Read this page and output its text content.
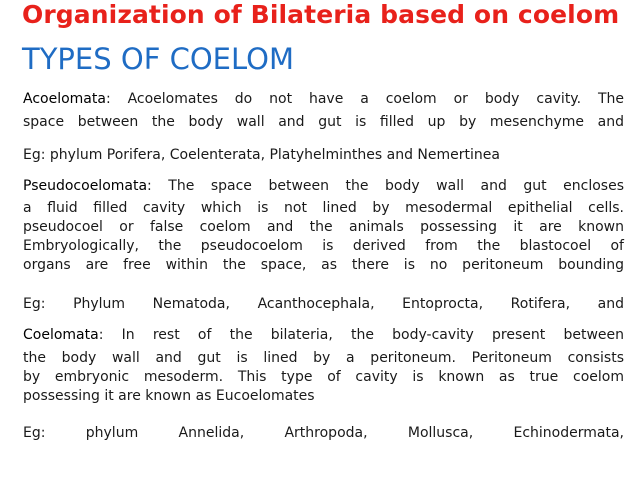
Organization of Bilateria based on coelom
TYPES OF COELOM
Acoelomata: Acoelomates do not have a coelom or body cavity. The
space between the body wall and gut is filled up by mesenchyme and
Eg: phylum Porifera, Coelenterata, Platyhelminthes and Nemertinea
Pseudocoelomata: The space between the body wall and gut encloses
a fluid filled cavity which is not lined by mesodermal epithelial cells.
pseudocoel or false coelom and the animals possessing it are known
Embryologically, the pseudocoelom is derived from the blastocoel of
organs are free within the space, as there is no peritoneum bounding
Eg: Phylum Nematoda, Acanthocephala, Entoprocta, Rotifera, and
Coelomata: In rest of the bilateria, the body-cavity present between
the body wall and gut is lined by a peritoneum. Peritoneum consists
by embryonic mesoderm. This type of cavity is known as true coelom
possessing it are known as Eucoelomates
Eg: phylum Annelida, Arthropoda, Mollusca, Echinodermata,
